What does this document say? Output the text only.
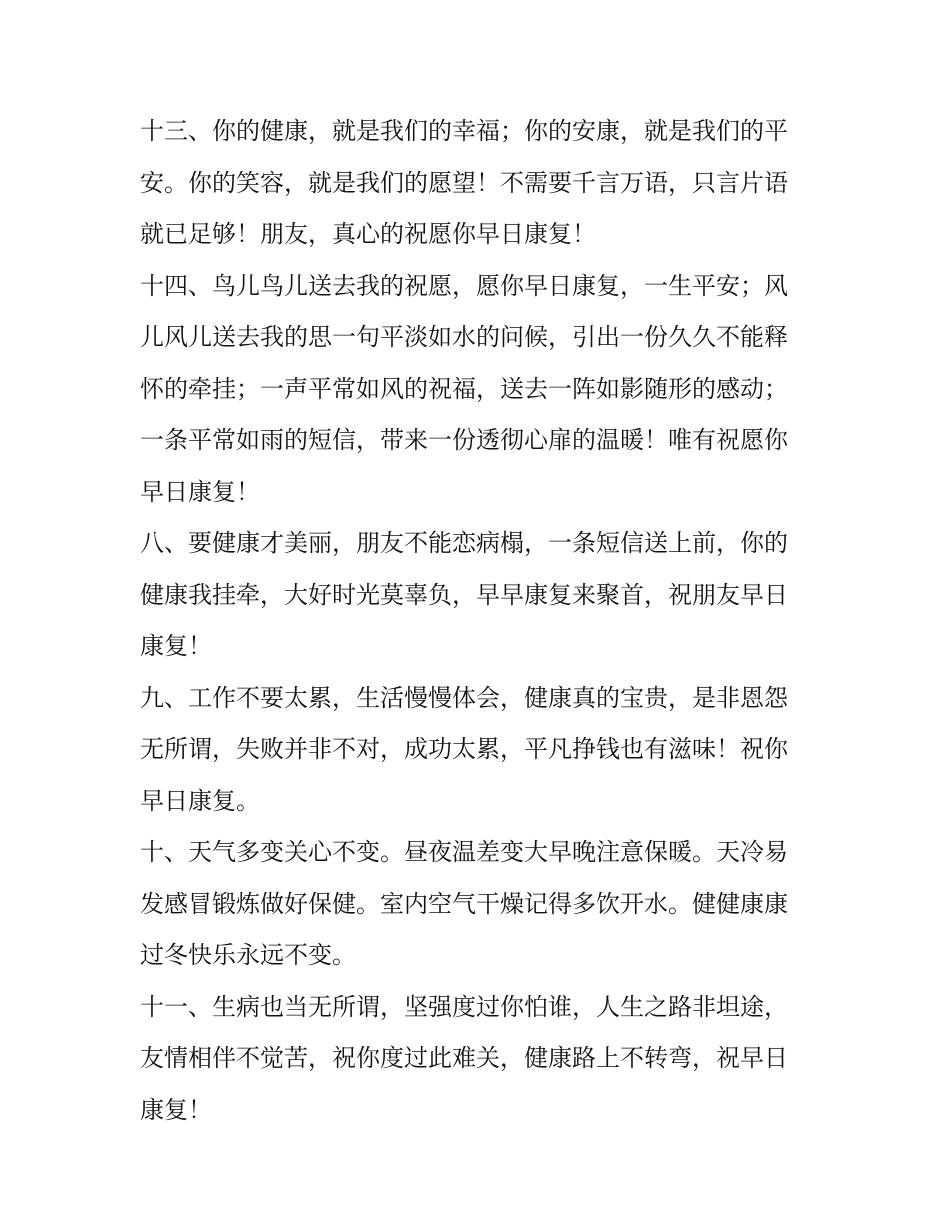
十三、你的健康，就是我们的幸福；你的安康，就是我们的平
安。你的笑容，就是我们的愿望！不需要千言万语，只言片语
就已足够！朋友，真心的祝愿你早日康复！
十四、鸟儿鸟儿送去我的祝愿，愿你早日康复，一生平安；风
儿风儿送去我的思一句平淡如水的问候，引出一份久久不能释
怀的牵挂；一声平常如风的祝福，送去一阵如影随形的感动；
一条平常如雨的短信，带来一份透彻心扉的温暖！唯有祝愿你
早日康复！
八、要健康才美丽，朋友不能恋病榻，一条短信送上前，你的
健康我挂牵，大好时光莫辜负，早早康复来聚首，祝朋友早日
康复！
九、工作不要太累，生活慢慢体会，健康真的宝贵，是非恩怨
无所谓，失败并非不对，成功太累，平凡挣钱也有滋味！祝你
早日康复。
十、天气多变关心不变。昼夜温差变大早晚注意保暖。天冷易
发感冒锻炼做好保健。室内空气干燥记得多饮开水。健健康康
过冬快乐永远不变。
十一、生病也当无所谓，坚强度过你怕谁，人生之路非坦途，
友情相伴不觉苦，祝你度过此难关，健康路上不转弯，祝早日
康复！
